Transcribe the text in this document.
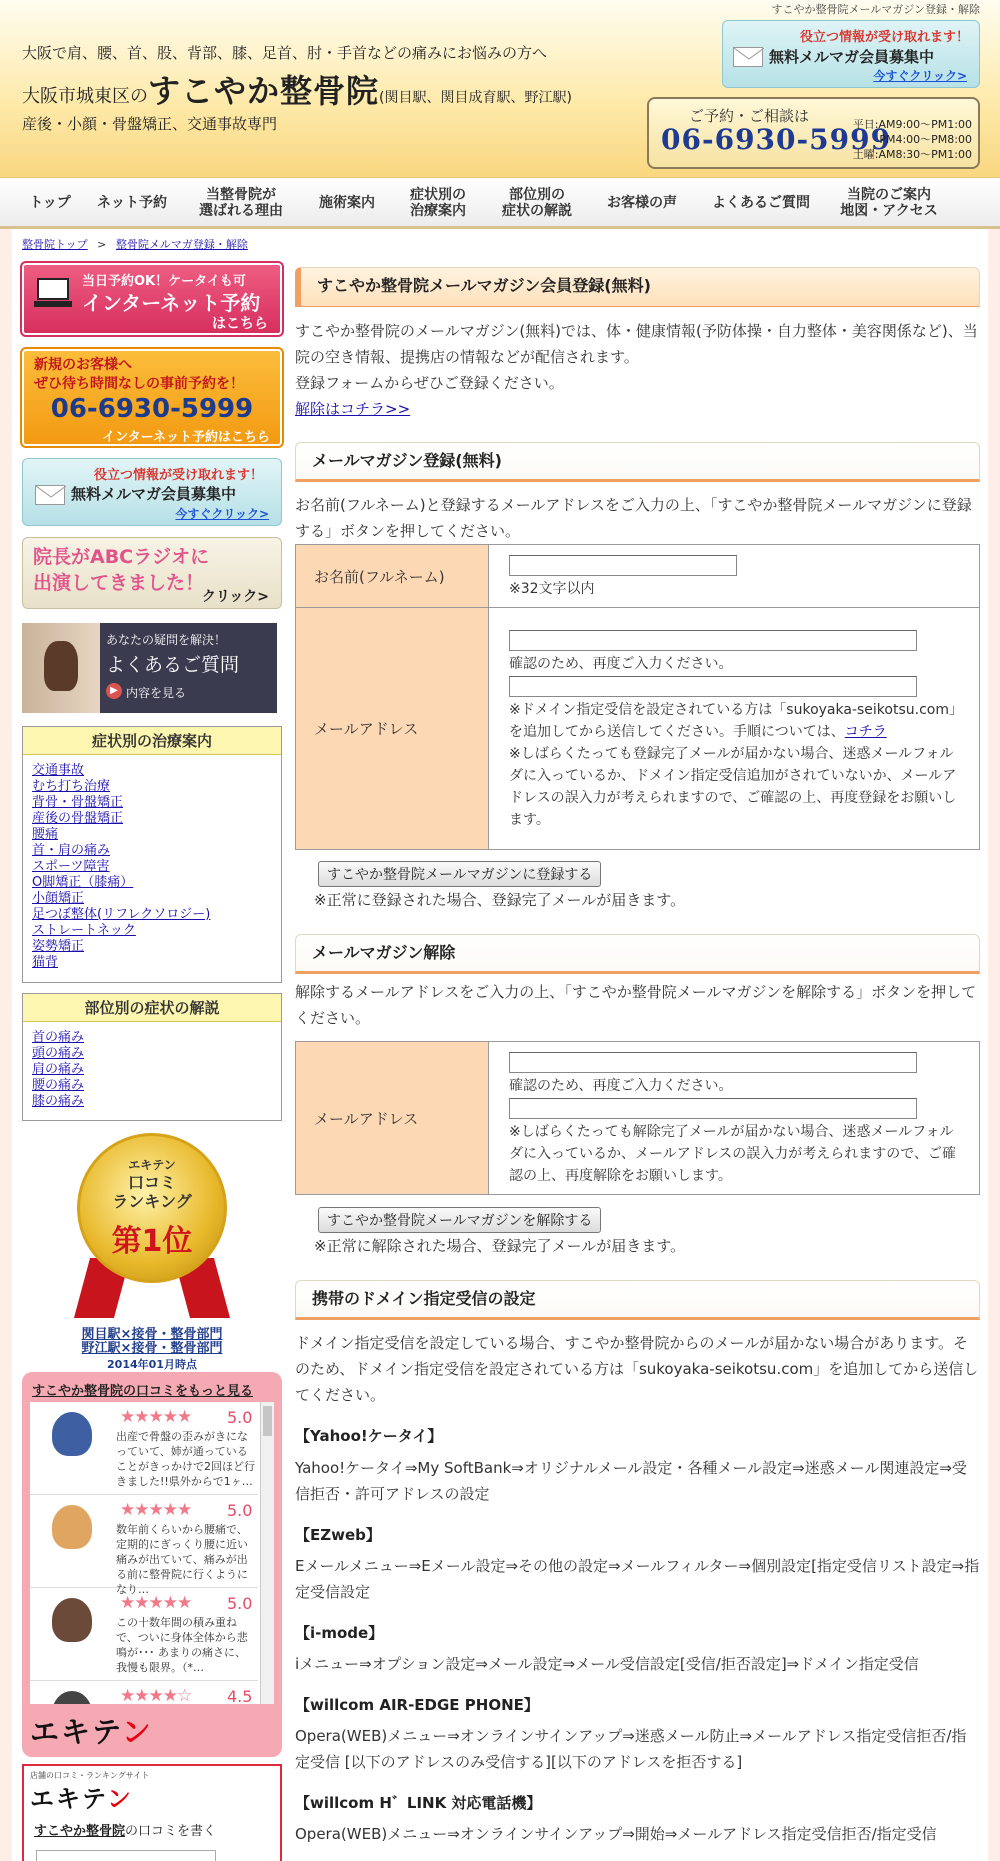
すこやか整骨院メールマガジン登録・解除
大阪で肩、腰、首、股、背部、膝、足首、肘・手首などの痛みにお悩みの方へ
大阪市城東区のすこやか整骨院(関目駅、関目成育駅、野江駅)
産後・小顔・骨盤矯正、交通事故専門
役立つ情報が受け取れます！
無料メルマガ会員募集中
今すぐクリック>
ご予約・ご相談は
06-6930-5999
平日:AM9:00〜PM1:00
PM4:00〜PM8:00
土曜:AM8:30〜PM1:00
トップ	ネット予約	当整骨院が
選ばれる理由	施術案内	症状別の
治療案内
部位別の
症状の解説	お客様の声	よくあるご質問	当院のご案内
地図・アクセス
整骨院トップ > 整骨院メルマガ登録・解除
当日予約OK！ケータイも可
インターネット予約
はこちら
新規のお客様へ
ぜひ待ち時間なしの事前予約を！
06-6930-5999
インターネット予約はこちら
役立つ情報が受け取れます！
無料メルマガ会員募集中
今すぐクリック>
院長がABCラジオに
出演してきました！
クリック>
あなたの疑問を解決！
よくあるご質問
▶ 内容を見る
症状別の治療案内
交通事故
むち打ち治療
背骨・骨盤矯正
産後の骨盤矯正
腰痛
首・肩の痛み
スポーツ障害
O脚矯正（膝痛）
小顔矯正
足つぼ整体(リフレクソロジー)
ストレートネック
姿勢矯正
猫背
部位別の症状の解説
首の痛み
頭の痛み
肩の痛み
腰の痛み
膝の痛み
エキテン
口コミ
ランキング
第1位
関目駅×接骨・整骨部門
野江駅×接骨・整骨部門
2014年01月時点
すこやか整骨院の口コミをもっと見る
★★★★★ 5.0
出産で骨盤の歪みがきになっていて、姉が通っていることがきっかけで2回ほど行きました!!県外からで1ヶ…
★★★★★ 5.0
数年前くらいから腰痛で、定期的にぎっくり腰に近い痛みが出ていて、痛みが出る前に整骨院に行くようになり…
★★★★★ 5.0
この十数年間の積み重ねで、ついに身体全体から悲鳴が･･･ あまりの痛さに、我慢も限界。（*…
★★★★☆ 4.5
エキテン
店舗の口コミ・ランキングサイト
エキテン
すこやか整骨院の口コミを書く
すこやか整骨院メールマガジン会員登録(無料)
すこやか整骨院のメールマガジン(無料)では、体・健康情報(予防体操・自力整体・美容関係など)、当院の空き情報、提携店の情報などが配信されます。
登録フォームからぜひご登録ください。
解除はコチラ>>
メールマガジン登録(無料)
お名前(フルネーム)と登録するメールアドレスをご入力の上、「すこやか整骨院メールマガジンに登録する」ボタンを押してください。
お名前(フルネーム)	※32文字以内

メールアドレス	確認のため、再度ご入力ください。
※ドメイン指定受信を設定されている方は「sukoyaka-seikotsu.com」を追加してから送信してください。手順については、コチラ
※しばらくたっても登録完了メールが届かない場合、迷惑メールフォルダに入っているか、ドメイン指定受信追加がされていないか、メールアドレスの誤入力が考えられますので、ご確認の上、再度登録をお願いします。
すこやか整骨院メールマガジンに登録する
※正常に登録された場合、登録完了メールが届きます。
メールマガジン解除
解除するメールアドレスをご入力の上、「すこやか整骨院メールマガジンを解除する」ボタンを押してください。
メールアドレス	
確認のため、再度ご入力ください。
※しばらくたっても解除完了メールが届かない場合、迷惑メールフォルダに入っているか、メールアドレスの誤入力が考えられますので、ご確認の上、再度解除をお願いします。
すこやか整骨院メールマガジンを解除する
※正常に解除された場合、登録完了メールが届きます。
携帯のドメイン指定受信の設定
ドメイン指定受信を設定している場合、すこやか整骨院からのメールが届かない場合があります。そのため、ドメイン指定受信を設定されている方は「sukoyaka-seikotsu.com」を追加してから送信してください。
【Yahoo!ケータイ】
Yahoo!ケータイ⇒My SoftBank⇒オリジナルメール設定・各種メール設定⇒迷惑メール関連設定⇒受信拒否・許可アドレスの設定
【EZweb】
Eメールメニュー⇒Eメール設定⇒その他の設定⇒メールフィルター⇒個別設定[指定受信リスト設定⇒指定受信設定
【i-mode】
iメニュー⇒オプション設定⇒メール設定⇒メール受信設定[受信/拒否設定]⇒ドメイン指定受信
【willcom AIR-EDGE PHONE】
Opera(WEB)メニュー⇒オンラインサインアップ⇒迷惑メール防止⇒メールアドレス指定受信拒否/指定受信 [以下のアドレスのみ受信する][以下のアドレスを拒否する]
【willcom H゛LINK 対応電話機】
Opera(WEB)メニュー⇒オンラインサインアップ⇒開始⇒メールアドレス指定受信拒否/指定受信
